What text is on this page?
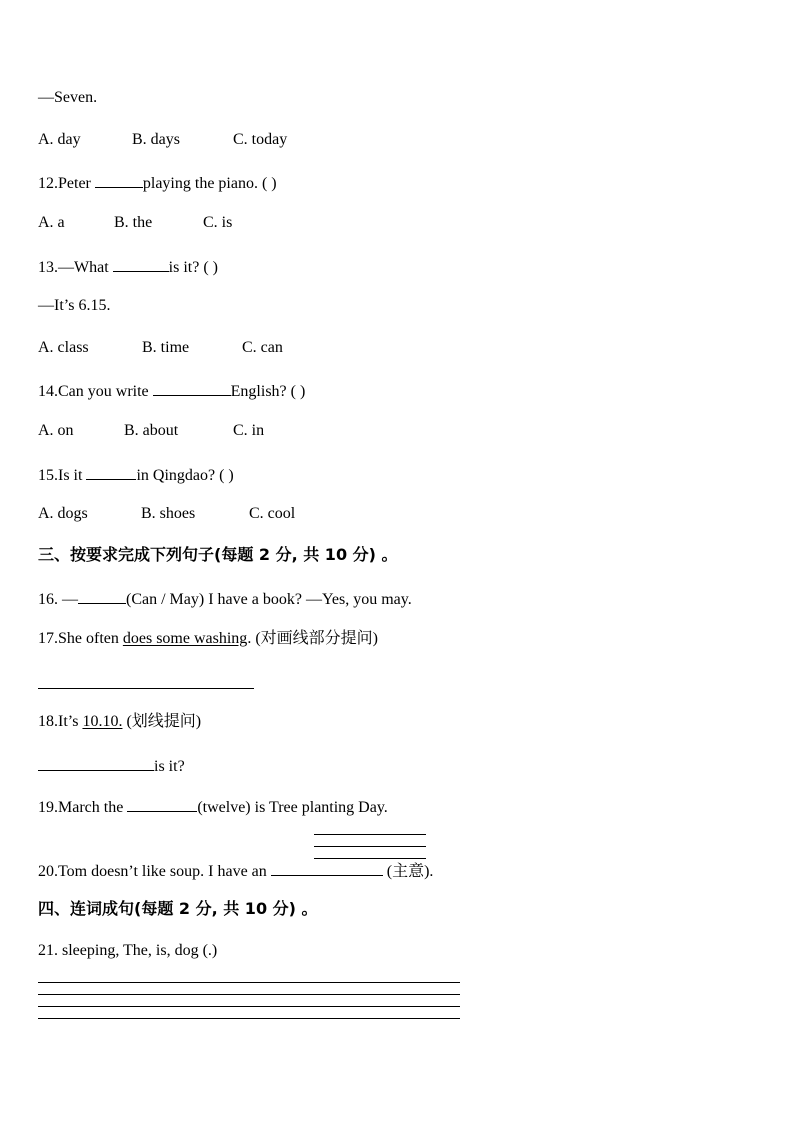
—Seven.
A. day	B. days	C. today
12.Peter	playing the piano. ( )
A. a	B. the	C. is
13.—What	is it? ( )
—It’s 6.15.
A. class	B. time	C. can
14.Can you write	English? ( )
A. on	B. about	C. in
15.Is it	in Qingdao? ( )
A. dogs	B. shoes	C. cool
三、按要求完成下列句子(每题 2 分, 共 10 分) 。
16. —	(Can / May) I have a book? —Yes, you may.
17.She often does some washing. (对画线部分提问)
18.It’s 10.10. (划线提问)
is it?
19.March the	(twelve) is Tree planting Day.
20.Tom doesn’t like soup. I have an	(主意).
四、连词成句(每题 2 分, 共 10 分) 。
21. sleeping, The, is, dog (.)
